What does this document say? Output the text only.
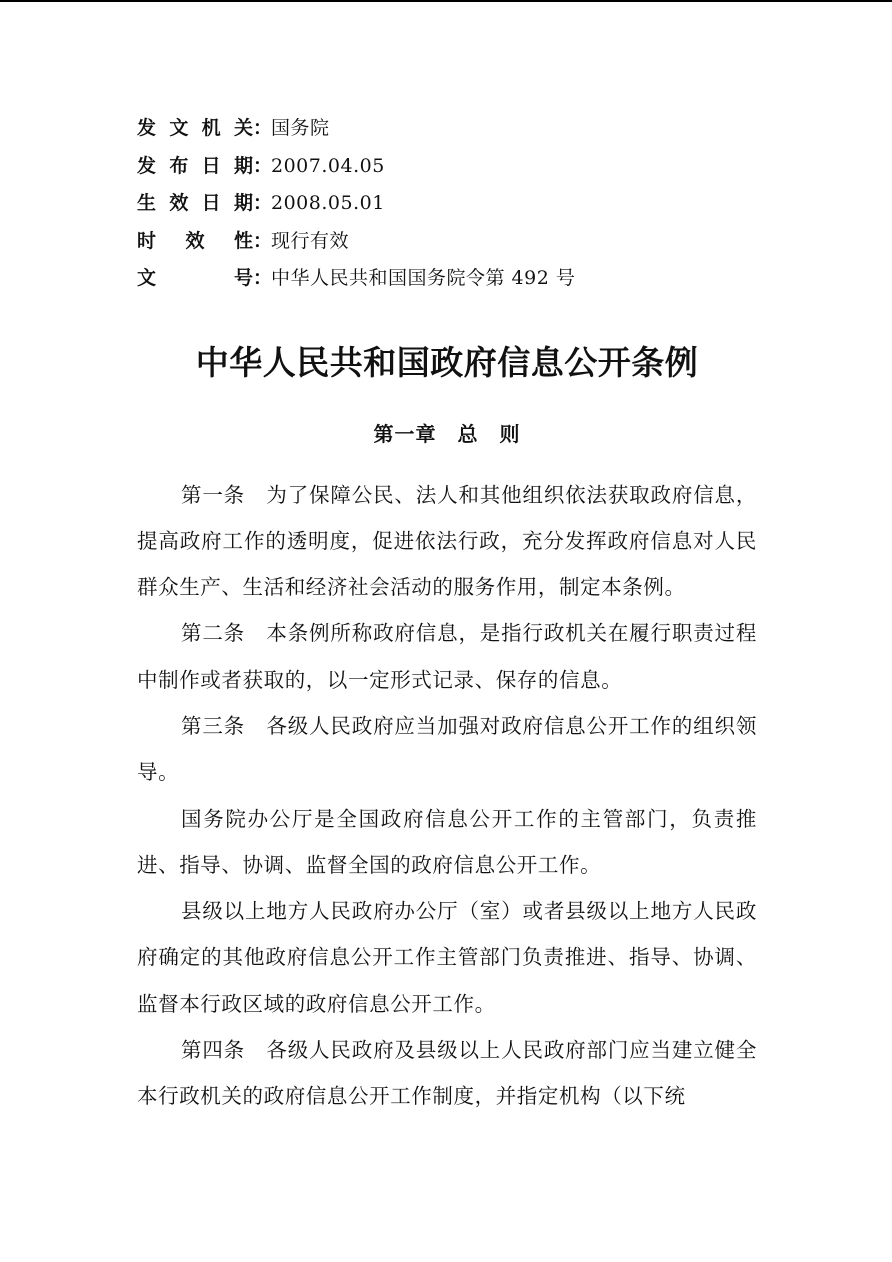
发文机关 ：
国务院
发布日期 ：
2007.04.05
生效日期 ：
2008.05.01
时效性 ：
现行有效
文号 ：
中华人民共和国国务院令第 492 号
中华人民共和国政府信息公开条例
第一章　总　则

第一条　为了保障公民、法人和其他组织依法获取政府信息，提高政府工作的透明度，促进依法行政，充分发挥政府信息对人民群众生产、生活和经济社会活动的服务作用，制定本条例。

第二条　本条例所称政府信息，是指行政机关在履行职责过程中制作或者获取的，以一定形式记录、保存的信息。

第三条　各级人民政府应当加强对政府信息公开工作的组织领导。

国务院办公厅是全国政府信息公开工作的主管部门，负责推进、指导、协调、监督全国的政府信息公开工作。

县级以上地方人民政府办公厅（室）或者县级以上地方人民政府确定的其他政府信息公开工作主管部门负责推进、指导、协调、监督本行政区域的政府信息公开工作。

第四条　各级人民政府及县级以上人民政府部门应当建立健全本行政机关的政府信息公开工作制度，并指定机构（以下统
